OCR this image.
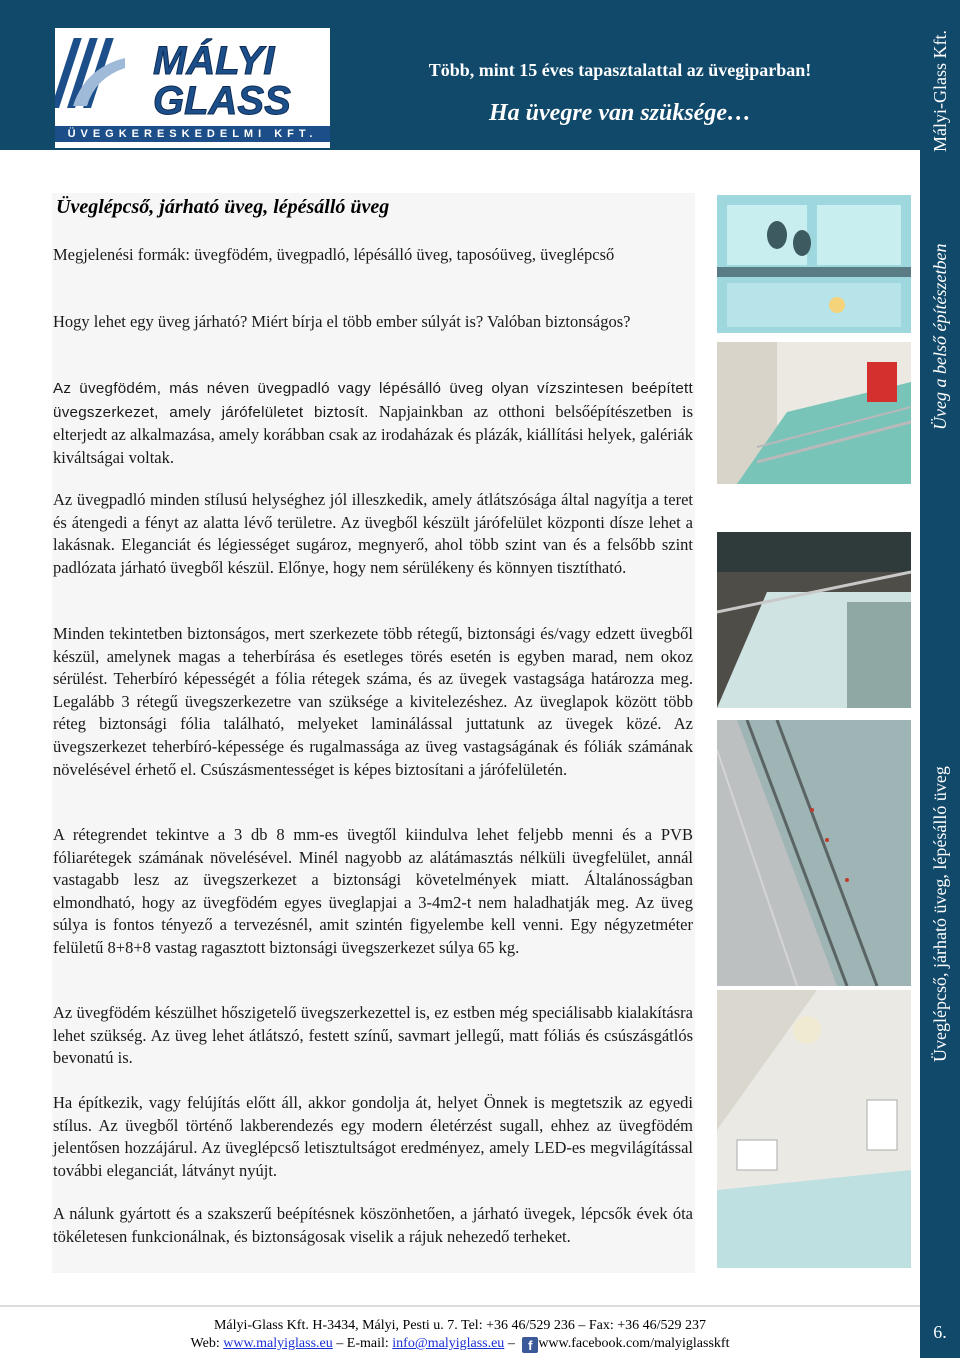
MÁLYI
GLASS
ÜVEGKERESKEDELMI KFT.
Több, mint 15 éves tapasztalattal az üvegiparban!
Ha üvegre van szüksége…	Mályi-Glass Kft.
Üveg a belső építészetben
Üveglépcső, járható üveg, lépésálló üveg
6.
Üveglépcső, járható üveg, lépésálló üveg

Megjelenési formák: üvegfödém, üvegpadló, lépésálló üveg, taposóüveg, üveglépcső

Hogy lehet egy üveg járható? Miért bírja el több ember súlyát is? Valóban biztonságos?

Az üvegfödém, más néven üvegpadló vagy lépésálló üveg olyan vízszintesen beépített üvegszerkezet, amely járófelületet biztosít. Napjainkban az otthoni belsőépítészetben is elterjedt az alkalmazása, amely korábban csak az irodaházak és plázák, kiállítási helyek, galériák kiváltságai voltak.

Az üvegpadló minden stílusú helységhez jól illeszkedik, amely átlátszósága által nagyítja a teret és átengedi a fényt az alatta lévő területre. Az üvegből készült járófelület központi dísze lehet a lakásnak. Eleganciát és légiességet sugároz, megnyerő, ahol több szint van és a felsőbb szint padlózata járható üvegből készül. Előnye, hogy nem sérülékeny és könnyen tisztítható.

Minden tekintetben biztonságos, mert szerkezete több rétegű, biztonsági és/vagy edzett üvegből készül, amelynek magas a teherbírása és esetleges törés esetén is egyben marad, nem okoz sérülést. Teherbíró képességét a fólia rétegek száma, és az üvegek vastagsága határozza meg. Legalább 3 rétegű üvegszerkezetre van szüksége a kivitelezéshez. Az üveglapok között több réteg biztonsági fólia található, melyeket laminálással juttatunk az üvegek közé. Az üvegszerkezet teherbíró-képessége és rugalmassága az üveg vastagságának és fóliák számának növelésével érhető el. Csúszásmentességet is képes biztosítani a járófelületén.

A rétegrendet tekintve a 3 db 8 mm-es üvegtől kiindulva lehet feljebb menni és a PVB fóliarétegek számának növelésével. Minél nagyobb az alátámasztás nélküli üvegfelület, annál vastagabb lesz az üvegszerkezet a biztonsági követelmények miatt. Általánosságban elmondható, hogy az üvegfödém egyes üveglapjai a 3-4m2-t nem haladhatják meg. Az üveg súlya is fontos tényező a tervezésnél, amit szintén figyelembe kell venni. Egy négyzetméter felületű 8+8+8 vastag ragasztott biztonsági üvegszerkezet súlya 65 kg.

Az üvegfödém készülhet hőszigetelő üvegszerkezettel is, ez estben még speciálisabb kialakításra lehet szükség. Az üveg lehet átlátszó, festett színű, savmart jellegű, matt fóliás és csúszásgátlós bevonatú is.

Ha építkezik, vagy felújítás előtt áll, akkor gondolja át, helyet Önnek is megtetszik az egyedi stílus. Az üvegből történő lakberendezés egy modern életérzést sugall, ehhez az üvegfödém jelentősen hozzájárul. Az üveglépcső letisztultságot eredményez, amely LED-es megvilágítással további eleganciát, látványt nyújt.

A nálunk gyártott és a szakszerű beépítésnek köszönhetően, a járható üvegek, lépcsők évek óta tökéletesen funkcionálnak, és biztonságosak viselik a rájuk nehezedő terheket.

Mályi-Glass Kft. H-3434, Mályi, Pesti u. 7. Tel: +36 46/529 236 – Fax: +36 46/529 237
Web: www.malyiglass.eu – E-mail: info@malyiglass.eu – f www.facebook.com/malyiglasskft
